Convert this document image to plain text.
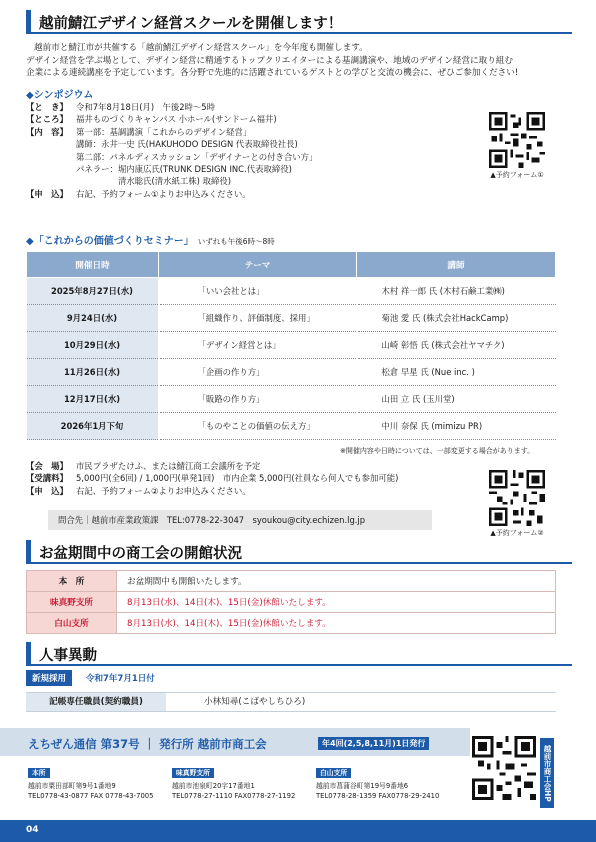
越前鯖江デザイン経営スクールを開催します！
越前市と鯖江市が共催する「越前鯖江デザイン経営スクール」を今年度も開催します。
デザイン経営を学ぶ場として、デザイン経営に精通するトップクリエイターによる基調講演や、地域のデザイン経営に取り組む
企業による連続講座を予定しています。各分野で先進的に活躍されているゲストとの学びと交流の機会に、ぜひご参加ください!
◆シンポジウム
【と　き】 令和7年8月18日(月)　午後2時～5時
【ところ】 福井ものづくりキャンパス 小ホール(サンドーム福井)
【内　容】 第一部：基調講演「これからのデザイン経営」
講師：永井一史 氏(HAKUHODO DESIGN 代表取締役社長)
第二部：パネルディスカッション「デザイナーとの付き合い方」
パネラー：堀内康広氏(TRUNK DESIGN INC.代表取締役)
清水聡氏(清水紙工株) 取締役)
【申　込】 右記、予約フォーム①よりお申込みください。
▲予約フォーム①
◆「これからの価値づくりセミナー」 いずれも午後6時～8時
開催日時	テーマ	講師
2025年8月27日(水)	「いい会社とは」	木村 祥一郎 氏 (木村石鹸工業㈱)
9月24日(水)	「組織作り、評価制度、採用」	菊池 愛 氏 (株式会社HackCamp)
10月29日(水)	「デザイン経営とは」	山崎 彰悟 氏 (株式会社ヤマチク)
11月26日(水)	「企画の作り方」	松倉 早星 氏 (Nue inc. )
12月17日(水)	「販路の作り方」	山田 立 氏 (玉川堂)
2026年1月下旬	「ものやことの価値の伝え方」	中川 奈保 氏 (mimizu PR)
※開催内容や日時については、一部変更する場合があります。
【会　場】 市民プラザたけふ、または鯖江商工会議所を予定
【受講料】 5,000円(全6回) / 1,000円(単発1回)　市内企業 5,000円(社員なら何人でも参加可能)
【申　込】 右記、予約フォーム②よりお申込みください。
▲予約フォーム②
問合先｜越前市産業政策課　TEL:0778-22-3047　syoukou@city.echizen.lg.jp
お盆期間中の商工会の開館状況
本　所	お盆期間中も開館いたします。
味真野支所	8月13日(水)、14日(木)、15日(金)休館いたします。
白山支所	8月13日(水)、14日(木)、15日(金)休館いたします。
人事異動
新規採用	令和7年7月1日付
記帳専任職員(契約職員)	小林知尋(こばやしちひろ)
えちぜん通信 第37号 ｜ 発行所 越前市商工会	年4回(2,5,8,11月)1日発行
本所
越前市粟田部町第9号1番地9
TEL0778-43-0877 FAX 0778-43-7005
味真野支所
越前市池泉町20字17番地1
TEL0778-27-1110 FAX0778-27-1192
白山支所
越前市菖蒲谷町第19号9番地6
TEL0778-28-1359 FAX0778-29-2410	越前市商工会HP
04
